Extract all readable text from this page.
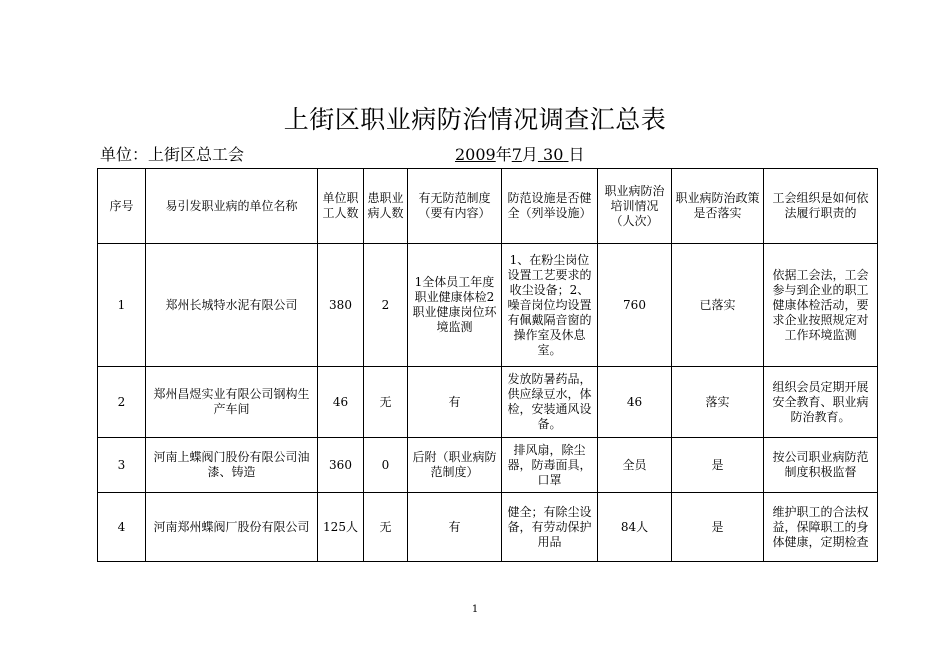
上街区职业病防治情况调查汇总表
单位：上街区总工会	2009年7月 30 日
序号	易引发职业病的单位名称	单位职工人数	患职业病人数	有无防范制度（要有内容）	防范设施是否健全（列举设施）	职业病防治培训情况（人次）	职业病防治政策是否落实	工会组织是如何依法履行职责的
1	郑州长城特水泥有限公司	380	2	1全体员工年度职业健康体检2职业健康岗位环境监测	1、在粉尘岗位设置工艺要求的收尘设备；2、噪音岗位均设置有佩戴隔音窗的操作室及休息室。	760	已落实	依据工会法，工会参与到企业的职工健康体检活动，要求企业按照规定对工作环境监测
2	郑州昌煜实业有限公司钢构生产车间	46	无	有	发放防暑药品，供应绿豆水，体检，安装通风设备。	46	落实	组织会员定期开展安全教育、职业病防治教育。
3	河南上蝶阀门股份有限公司油漆、铸造	360	0	后附（职业病防范制度）	排风扇，除尘器，防毒面具，口罩	全员	是	按公司职业病防范制度积极监督
4	河南郑州蝶阀厂股份有限公司	125人	无	有	健全；有除尘设备，有劳动保护用品	84人	是	维护职工的合法权益，保障职工的身体健康，定期检查
1
